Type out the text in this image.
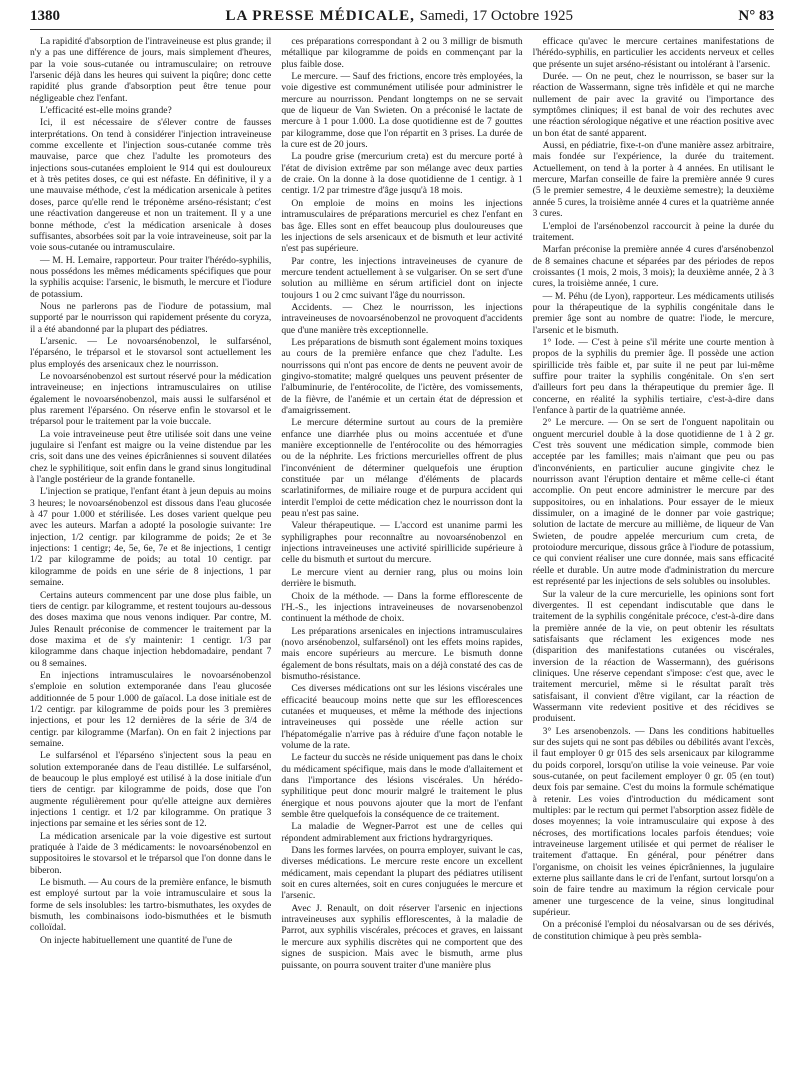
1380	LA PRESSE MÉDICALE, Samedi, 17 Octobre 1925	N° 83

La rapidité d'absorption de l'intraveineuse est plus grande; il n'y a pas une différence de jours, mais simplement d'heures, par la voie sous-cutanée ou intramusculaire; on retrouve l'arsenic déjà dans les heures qui suivent la piqûre; donc cette rapidité plus grande d'absorption peut être tenue pour négligeable chez l'enfant.

L'efficacité est-elle moins grande?

Ici, il est nécessaire de s'élever contre de fausses interprétations. On tend à considérer l'injection intraveineuse comme excellente et l'injection sous-cutanée comme très mauvaise, parce que chez l'adulte les promoteurs des injections sous-cutanées emploient le 914 qui est douloureux et à très petites doses, ce qui est néfaste. En définitive, il y a une mauvaise méthode, c'est la médication arsenicale à petites doses, parce qu'elle rend le tréponème arséno-résistant; c'est une réactivation dangereuse et non un traitement. Il y a une bonne méthode, c'est la médication arsenicale à doses suffisantes, absorbées soit par la voie intraveineuse, soit par la voie sous-cutanée ou intramusculaire.

— M. H. Lemaire, rapporteur. Pour traiter l'hérédo-syphilis, nous possédons les mêmes médicaments spécifiques que pour la syphilis acquise: l'arsenic, le bismuth, le mercure et l'iodure de potassium.

Nous ne parlerons pas de l'iodure de potassium, mal supporté par le nourrisson qui rapidement présente du coryza, il a été abandonné par la plupart des pédiatres.

L'arsenic. — Le novoarsénobenzol, le sulfarsénol, l'éparséno, le tréparsol et le stovarsol sont actuellement les plus employés des arsenicaux chez le nourrisson.

Le novoarsénobenzol est surtout réservé pour la médication intraveineuse; en injections intramusculaires on utilise également le novoarsénobenzol, mais aussi le sulfarsénol et plus rarement l'éparséno. On réserve enfin le stovarsol et le tréparsol pour le traitement par la voie buccale.

La voie intraveineuse peut être utilisée soit dans une veine jugulaire si l'enfant est maigre ou la veine distendue par les cris, soit dans une des veines épicrâniennes si souvent dilatées chez le syphilitique, soit enfin dans le grand sinus longitudinal à l'angle postérieur de la grande fontanelle.

L'injection se pratique, l'enfant étant à jeun depuis au moins 3 heures; le novoarsénobenzol est dissous dans l'eau glucosée à 47 pour 1.000 et stérilisée. Les doses varient quelque peu avec les auteurs. Marfan a adopté la posologie suivante: 1re injection, 1/2 centigr. par kilogramme de poids; 2e et 3e injections: 1 centigr; 4e, 5e, 6e, 7e et 8e injections, 1 centigr 1/2 par kilogramme de poids; au total 10 centigr. par kilogramme de poids en une série de 8 injections, 1 par semaine.

Certains auteurs commencent par une dose plus faible, un tiers de centigr. par kilogramme, et restent toujours au-dessous des doses maxima que nous venons indiquer. Par contre, M. Jules Renault préconise de commencer le traitement par la dose maxima et de s'y maintenir: 1 centigr. 1/3 par kilogramme dans chaque injection hebdomadaire, pendant 7 ou 8 semaines.

En injections intramusculaires le novoarsénobenzol s'emploie en solution extemporanée dans l'eau glucosée additionnée de 5 pour 1.000 de gaïacol. La dose initiale est de 1/2 centigr. par kilogramme de poids pour les 3 premières injections, et pour les 12 dernières de la série de 3/4 de centigr. par kilogramme (Marfan). On en fait 2 injections par semaine.

Le sulfarsénol et l'éparséno s'injectent sous la peau en solution extemporanée dans de l'eau distillée. Le sulfarsénol, de beaucoup le plus employé est utilisé à la dose initiale d'un tiers de centigr. par kilogramme de poids, dose que l'on augmente régulièrement pour qu'elle atteigne aux dernières injections 1 centigr. et 1/2 par kilogramme. On pratique 3 injections par semaine et les séries sont de 12.

La médication arsenicale par la voie digestive est surtout pratiquée à l'aide de 3 médicaments: le novoarsénobenzol en suppositoires le stovarsol et le tréparsol que l'on donne dans le biberon.

Le bismuth. — Au cours de la première enfance, le bismuth est employé surtout par la voie intramusculaire et sous la forme de sels insolubles: les tartro-bismuthates, les oxydes de bismuth, les combinaisons iodo-bismuthées et le bismuth colloïdal.

On injecte habituellement une quantité de l'une de

ces préparations correspondant à 2 ou 3 milligr de bismuth métallique par kilogramme de poids en commençant par la plus faible dose.

Le mercure. — Sauf des frictions, encore très employées, la voie digestive est communément utilisée pour administrer le mercure au nourrisson. Pendant longtemps on ne se servait que de liqueur de Van Swieten. On a préconisé le lactate de mercure à 1 pour 1.000. La dose quotidienne est de 7 gouttes par kilogramme, dose que l'on répartit en 3 prises. La durée de la cure est de 20 jours.

La poudre grise (mercurium creta) est du mercure porté à l'état de division extrême par son mélange avec deux parties de craie. On la donne à la dose quotidienne de 1 centigr. à 1 centigr. 1/2 par trimestre d'âge jusqu'à 18 mois.

On emploie de moins en moins les injections intramusculaires de préparations mercuriel es chez l'enfant en bas âge. Elles sont en effet beaucoup plus douloureuses que les injections de sels arsenicaux et de bismuth et leur activité n'est pas supérieure.

Par contre, les injections intraveineuses de cyanure de mercure tendent actuellement à se vulgariser. On se sert d'une solution au millième en sérum artificiel dont on injecte toujours 1 ou 2 cmc suivant l'âge du nourrisson.

Accidents. — Chez le nourrisson, les injections intraveineuses de novoarsénobenzol ne provoquent d'accidents que d'une manière très exceptionnelle.

Les préparations de bismuth sont également moins toxiques au cours de la première enfance que chez l'adulte. Les nourrissons qui n'ont pas encore de dents ne peuvent avoir de gingivo-stomatite; malgré quelques uns peuvent présenter de l'albuminurie, de l'entérocolite, de l'ictère, des vomissements, de la fièvre, de l'anémie et un certain état de dépression et d'amaigrissement.

Le mercure détermine surtout au cours de la première enfance une diarrhée plus ou moins accentuée et d'une manière exceptionnelle de l'entérocolite ou des hémorragies ou de la néphrite. Les frictions mercurielles offrent de plus l'inconvénient de déterminer quelquefois une éruption constituée par un mélange d'éléments de placards scarlatiniformes, de miliaire rouge et de purpura accident qui interdit l'emploi de cette médication chez le nourrisson dont la peau n'est pas saine.

Valeur thérapeutique. — L'accord est unanime parmi les syphiligraphes pour reconnaître au novoarsénobenzol en injections intraveineuses une activité spirillicide supérieure à celle du bismuth et surtout du mercure.

Le mercure vient au dernier rang, plus ou moins loin derrière le bismuth.

Choix de la méthode. — Dans la forme efflorescente de l'H.-S., les injections intraveineuses de novarsenobenzol continuent la méthode de choix.

Les préparations arsenicales en injections intramusculaires (novo arsénobenzol, sulfarsénol) ont les effets moins rapides, mais encore supérieurs au mercure. Le bismuth donne également de bons résultats, mais on a déjà constaté des cas de bismutho-résistance.

Ces diverses médications ont sur les lésions viscérales une efficacité beaucoup moins nette que sur les efflorescences cutanées et muqueuses, et même la méthode des injections intraveineuses qui possède une réelle action sur l'hépatomégalie n'arrive pas à réduire d'une façon notable le volume de la rate.

Le facteur du succès ne réside uniquement pas dans le choix du médicament spécifique, mais dans le mode d'allaitement et dans l'importance des lésions viscérales. Un hérédo-syphilitique peut donc mourir malgré le traitement le plus énergique et nous pouvons ajouter que la mort de l'enfant semble être quelquefois la conséquence de ce traitement.

La maladie de Wegner-Parrot est une de celles qui répondent admirablement aux frictions hydrargyriques.

Dans les formes larvées, on pourra employer, suivant le cas, diverses médications. Le mercure reste encore un excellent médicament, mais cependant la plupart des pédiatres utilisent soit en cures alternées, soit en cures conjuguées le mercure et l'arsenic.

Avec J. Renault, on doit réserver l'arsenic en injections intraveineuses aux syphilis efflorescentes, à la maladie de Parrot, aux syphilis viscérales, précoces et graves, en laissant le mercure aux syphilis discrètes qui ne comportent que des signes de suspicion. Mais avec le bismuth, arme plus puissante, on pourra souvent traiter d'une manière plus

efficace qu'avec le mercure certaines manifestations de l'hérédo-syphilis, en particulier les accidents nerveux et celles que présente un sujet arséno-résistant ou intolérant à l'arsenic.

Durée. — On ne peut, chez le nourrisson, se baser sur la réaction de Wassermann, signe très infidèle et qui ne marche nullement de pair avec la gravité ou l'importance des symptômes cliniques; il est banal de voir des rechutes avec une réaction sérologique négative et une réaction positive avec un bon état de santé apparent.

Aussi, en pédiatrie, fixe-t-on d'une manière assez arbitraire, mais fondée sur l'expérience, la durée du traitement. Actuellement, on tend à la porter à 4 années. En utilisant le mercure, Marfan conseille de faire la première année 9 cures (5 le premier semestre, 4 le deuxième semestre); la deuxième année 5 cures, la troisième année 4 cures et la quatrième année 3 cures.

L'emploi de l'arsénobenzol raccourcit à peine la durée du traitement.

Marfan préconise la première année 4 cures d'arsénobenzol de 8 semaines chacune et séparées par des périodes de repos croissantes (1 mois, 2 mois, 3 mois); la deuxième année, 2 à 3 cures, la troisième année, 1 cure.

— M. Péhu (de Lyon), rapporteur. Les médicaments utilisés pour la thérapeutique de la syphilis congénitale dans le premier âge sont au nombre de quatre: l'iode, le mercure, l'arsenic et le bismuth.

1° Iode. — C'est à peine s'il mérite une courte mention à propos de la syphilis du premier âge. Il possède une action spirillicide très faible et, par suite il ne peut par lui-même suffire pour traiter la syphilis congénitale. On s'en sert d'ailleurs fort peu dans la thérapeutique du premier âge. Il concerne, en réalité la syphilis tertiaire, c'est-à-dire dans l'enfance à partir de la quatrième année.

2° Le mercure. — On se sert de l'onguent napolitain ou onguent mercuriel double à la dose quotidienne de 1 à 2 gr. C'est très souvent une médication simple, commode bien acceptée par les familles; mais n'aimant que peu ou pas d'inconvénients, en particulier aucune gingivite chez le nourrisson avant l'éruption dentaire et même celle-ci étant accomplie. On peut encore administrer le mercure par des suppositoires, ou en inhalations. Pour essayer de le mieux dissimuler, on a imaginé de le donner par voie gastrique; solution de lactate de mercure au millième, de liqueur de Van Swieten, de poudre appelée mercurium cum creta, de protoiodure mercurique, dissous grâce à l'iodure de potassium, ce qui convient réaliser une cure donnée, mais sans efficacité réelle et durable. Un autre mode d'administration du mercure est représenté par les injections de sels solubles ou insolubles.

Sur la valeur de la cure mercurielle, les opinions sont fort divergentes. Il est cependant indiscutable que dans le traitement de la syphilis congénitale précoce, c'est-à-dire dans la première année de la vie, on peut obtenir les résultats satisfaisants que réclament les exigences mode nes (disparition des manifestations cutanées ou viscérales, inversion de la réaction de Wassermann), des guérisons cliniques. Une réserve cependant s'impose: c'est que, avec le traitement mercuriel, même si le résultat paraît très satisfaisant, il convient d'être vigilant, car la réaction de Wassermann vite redevient positive et des récidives se produisent.

3° Les arsenobenzols. — Dans les conditions habituelles sur des sujets qui ne sont pas débiles ou débilités avant l'excès, il faut employer 0 gr 015 des sels arsenicaux par kilogramme du poids corporel, lorsqu'on utilise la voie veineuse. Par voie sous-cutanée, on peut facilement employer 0 gr. 05 (en tout) deux fois par semaine. C'est du moins la formule schématique à retenir. Les voies d'introduction du médicament sont multiples: par le rectum qui permet l'absorption assez fidèle de doses moyennes; la voie intramusculaire qui expose à des nécroses, des mortifications locales parfois étendues; voie intraveineuse largement utilisée et qui permet de réaliser le traitement d'attaque. En général, pour pénétrer dans l'organisme, on choisit les veines épicrâniennes, la jugulaire externe plus saillante dans le cri de l'enfant, surtout lorsqu'on a soin de faire tendre au maximum la région cervicale pour amener une turgescence de la veine, sinus longitudinal supérieur.

On a préconisé l'emploi du néosalvarsan ou de ses dérivés, de constitution chimique à peu près sembla-
